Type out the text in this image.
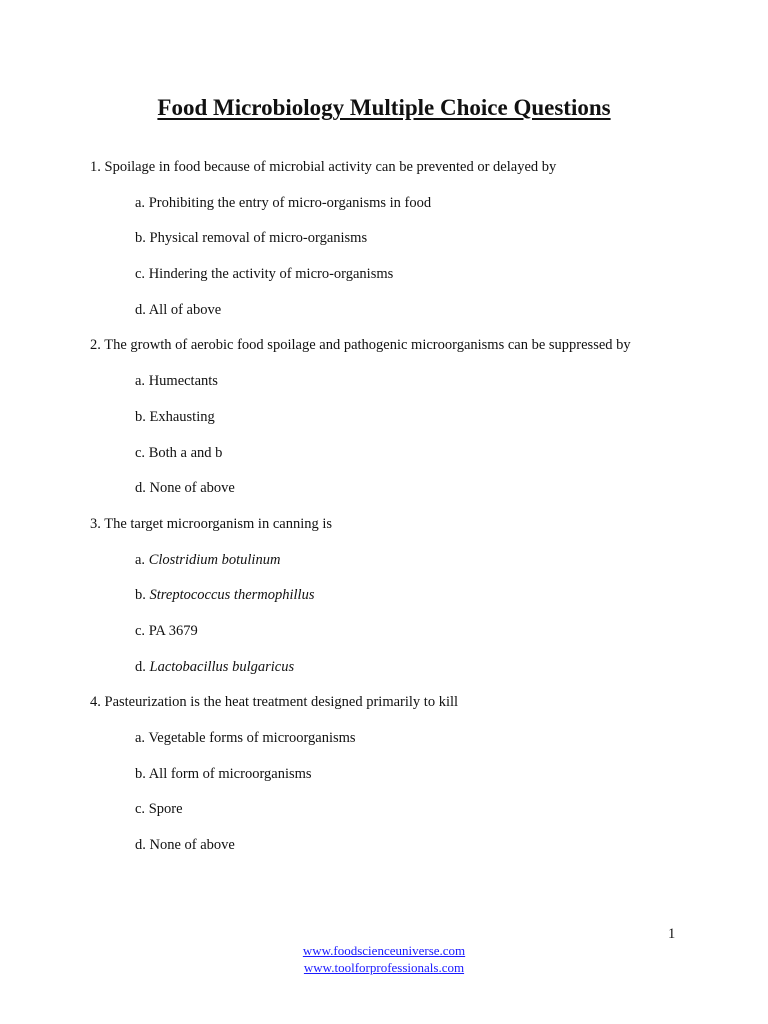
Food Microbiology Multiple Choice Questions

1. Spoilage in food because of microbial activity can be prevented or delayed by

a. Prohibiting the entry of micro-organisms in food

b. Physical removal of micro-organisms

c. Hindering the activity of micro-organisms

d. All of above

2. The growth of aerobic food spoilage and pathogenic microorganisms can be suppressed by

a. Humectants

b. Exhausting

c. Both a and b

d. None of above

3. The target microorganism in canning is

a. Clostridium botulinum

b. Streptococcus thermophillus

c. PA 3679

d. Lactobacillus bulgaricus

4. Pasteurization is the heat treatment designed primarily to kill

a. Vegetable forms of microorganisms

b. All form of microorganisms

c. Spore

d. None of above

1
www.foodscienceuniverse.com
www.toolforprofessionals.com
